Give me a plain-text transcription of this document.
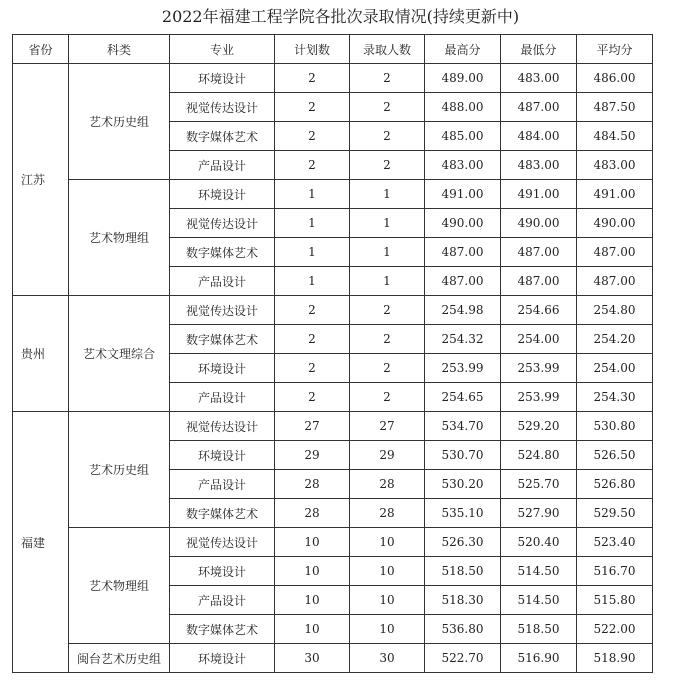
2022年福建工程学院各批次录取情况(持续更新中)
省份	科类	专业	计划数	录取人数	最高分	最低分	平均分
江苏	艺术历史组	环境设计	2	2	489.00	483.00	486.00
		视觉传达设计	2	2	488.00	487.00	487.50
		数字媒体艺术	2	2	485.00	484.00	484.50
		产品设计	2	2	483.00	483.00	483.00
	艺术物理组	环境设计	1	1	491.00	491.00	491.00
		视觉传达设计	1	1	490.00	490.00	490.00
		数字媒体艺术	1	1	487.00	487.00	487.00
		产品设计	1	1	487.00	487.00	487.00
贵州	艺术文理综合	视觉传达设计	2	2	254.98	254.66	254.80
		数字媒体艺术	2	2	254.32	254.00	254.20
		环境设计	2	2	253.99	253.99	254.00
		产品设计	2	2	254.65	253.99	254.30
福建	艺术历史组	视觉传达设计	27	27	534.70	529.20	530.80
		环境设计	29	29	530.70	524.80	526.50
		产品设计	28	28	530.20	525.70	526.80
		数字媒体艺术	28	28	535.10	527.90	529.50
	艺术物理组	视觉传达设计	10	10	526.30	520.40	523.40
		环境设计	10	10	518.50	514.50	516.70
		产品设计	10	10	518.30	514.50	515.80
		数字媒体艺术	10	10	536.80	518.50	522.00
	闽台艺术历史组	环境设计	30	30	522.70	516.90	518.90
